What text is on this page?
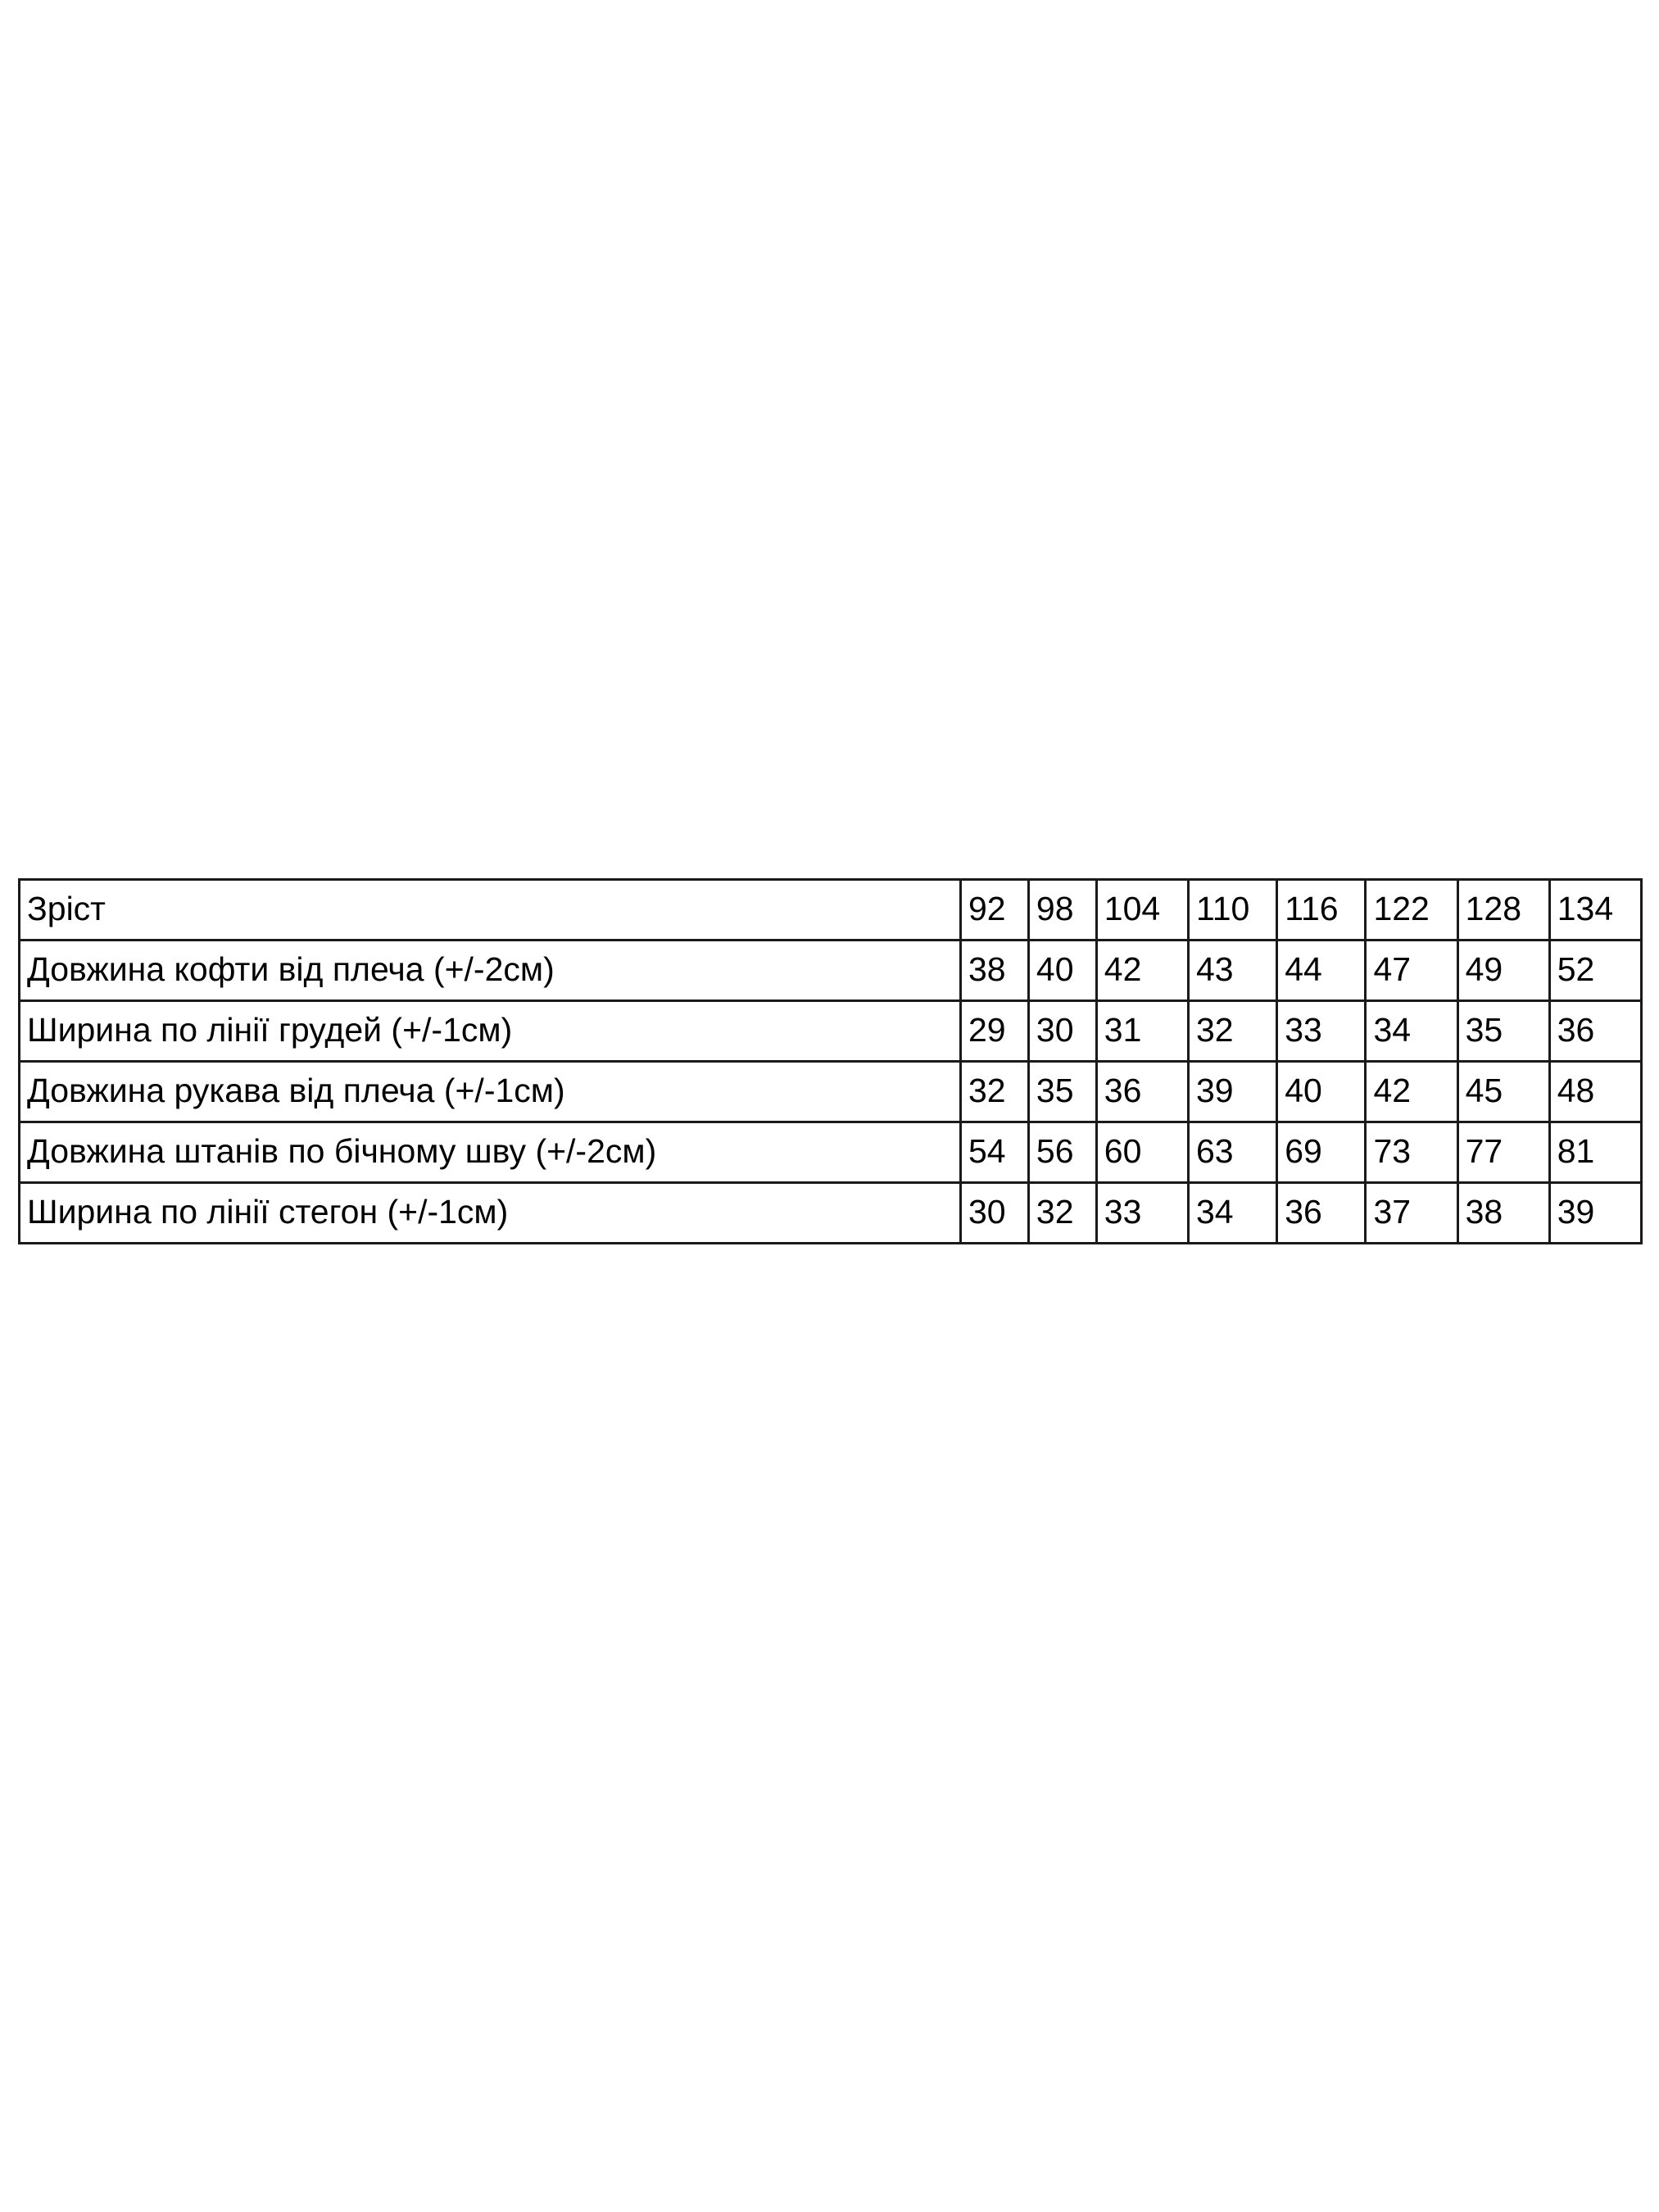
Зріст	92	98	104	110	116	122	128	134
Довжина кофти від плеча (+/-2см)	38	40	42	43	44	47	49	52
Ширина по лінії грудей (+/-1см)	29	30	31	32	33	34	35	36
Довжина рукава від плеча (+/-1см)	32	35	36	39	40	42	45	48
Довжина штанів по бічному шву (+/-2см)	54	56	60	63	69	73	77	81
Ширина по лінії стегон (+/-1см)	30	32	33	34	36	37	38	39
